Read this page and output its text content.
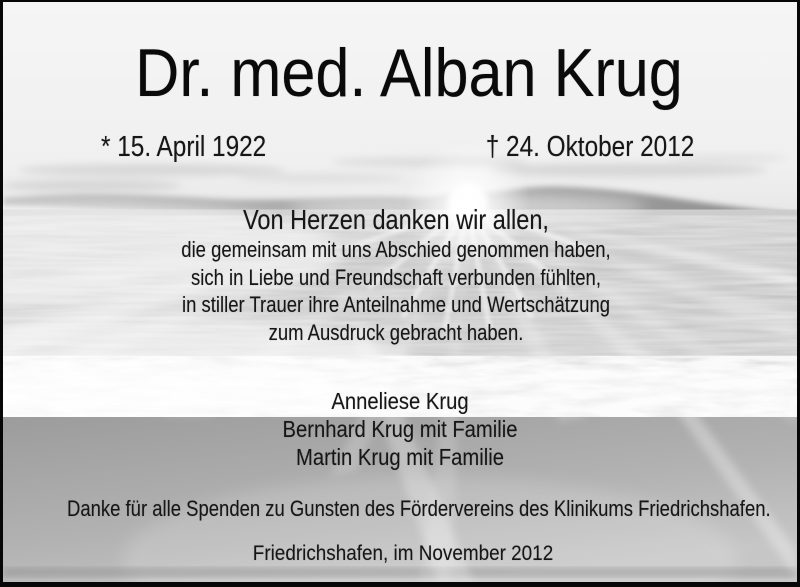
Dr. med. Alban Krug
* 15. April 1922	† 24. Oktober 2012
Von Herzen danken wir allen,
die gemeinsam mit uns Abschied genommen haben,
sich in Liebe und Freundschaft verbunden fühlten,
in stiller Trauer ihre Anteilnahme und Wertschätzung
zum Ausdruck gebracht haben.
Anneliese Krug
Bernhard Krug mit Familie
Martin Krug mit Familie
Danke für alle Spenden zu Gunsten des Fördervereins des Klinikums Friedrichshafen.
Friedrichshafen, im November 2012
